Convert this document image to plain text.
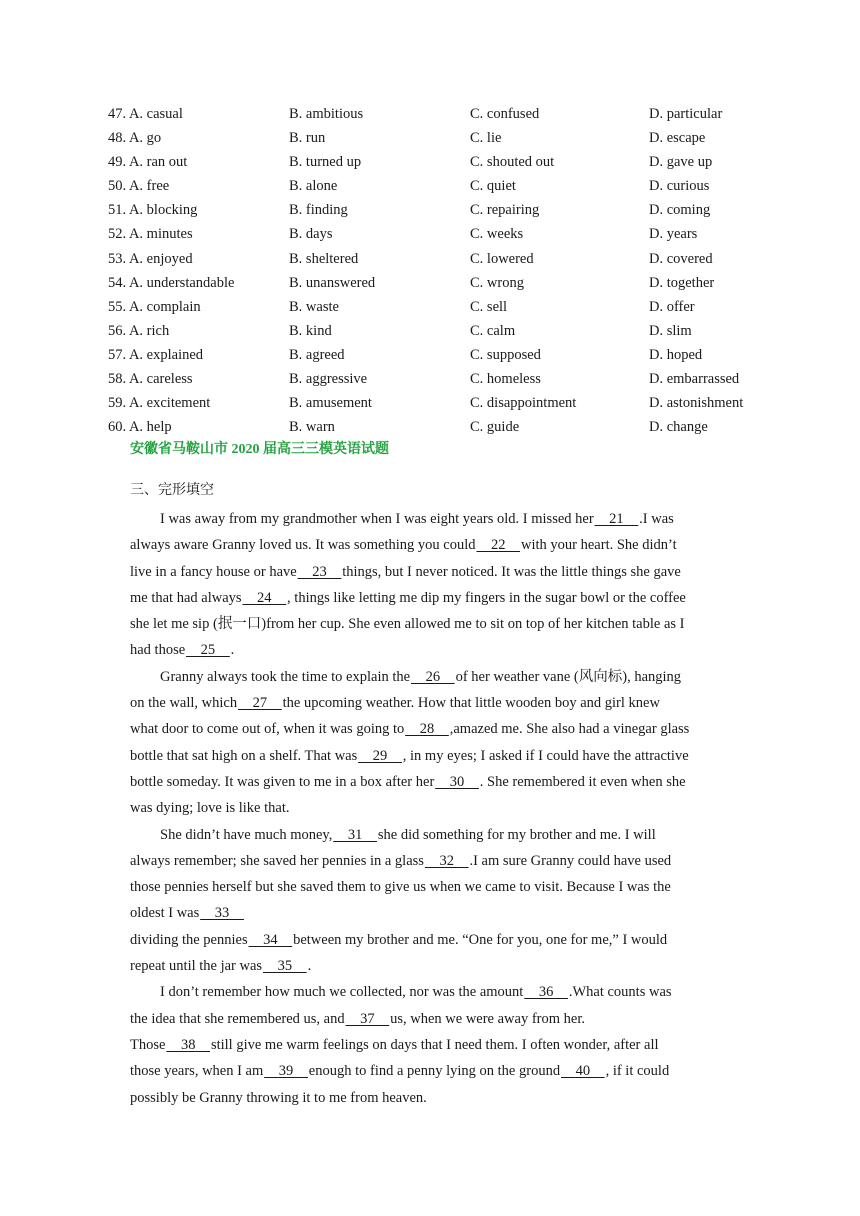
47. A. casual	B. ambitious	C. confused	D. particular
48. A. go	B. run	C. lie	D. escape
49. A. ran out	B. turned up	C. shouted out	D. gave up
50. A. free	B. alone	C. quiet	D. curious
51. A. blocking	B. finding	C. repairing	D. coming
52. A. minutes	B. days	C. weeks	D. years
53. A. enjoyed	B. sheltered	C. lowered	D. covered
54. A. understandable	B. unanswered	C. wrong	D. together
55. A. complain	B. waste	C. sell	D. offer
56. A. rich	B. kind	C. calm	D. slim
57. A. explained	B. agreed	C. supposed	D. hoped
58. A. careless	B. aggressive	C. homeless	D. embarrassed
59. A. excitement	B. amusement	C. disappointment	D. astonishment
60. A. help	B. warn	C. guide	D. change
安徽省马鞍山市 2020 届高三三模英语试题
三、完形填空
I was away from my grandmother when I was eight years old. I missed her 21 .I was
always aware Granny loved us. It was something you could 22 with your heart. She didn’t
live in a fancy house or have 23 things, but I never noticed. It was the little things she gave
me that had always 24 , things like letting me dip my fingers in the sugar bowl or the coffee
she let me sip (抿一口)from her cup. She even allowed me to sit on top of her kitchen table as I
had those 25 .
Granny always took the time to explain the 26 of her weather vane (风向标), hanging
on the wall, which 27 the upcoming weather. How that little wooden boy and girl knew
what door to come out of, when it was going to 28 ,amazed me. She also had a vinegar glass
bottle that sat high on a shelf. That was 29 , in my eyes; I asked if I could have the attractive
bottle someday. It was given to me in a box after her 30 . She remembered it even when she
was dying; love is like that.
She didn’t have much money, 31 she did something for my brother and me. I will
always remember; she saved her pennies in a glass 32 .I am sure Granny could have used
those pennies herself but she saved them to give us when we came to visit. Because I was the
oldest I was 33
dividing the pennies 34 between my brother and me. “One for you, one for me,” I would
repeat until the jar was 35 .
I don’t remember how much we collected, nor was the amount 36 .What counts was
the idea that she remembered us, and 37 us, when we were away from her.
Those 38 still give me warm feelings on days that I need them. I often wonder, after all
those years, when I am 39 enough to find a penny lying on the ground 40 , if it could
possibly be Granny throwing it to me from heaven.
